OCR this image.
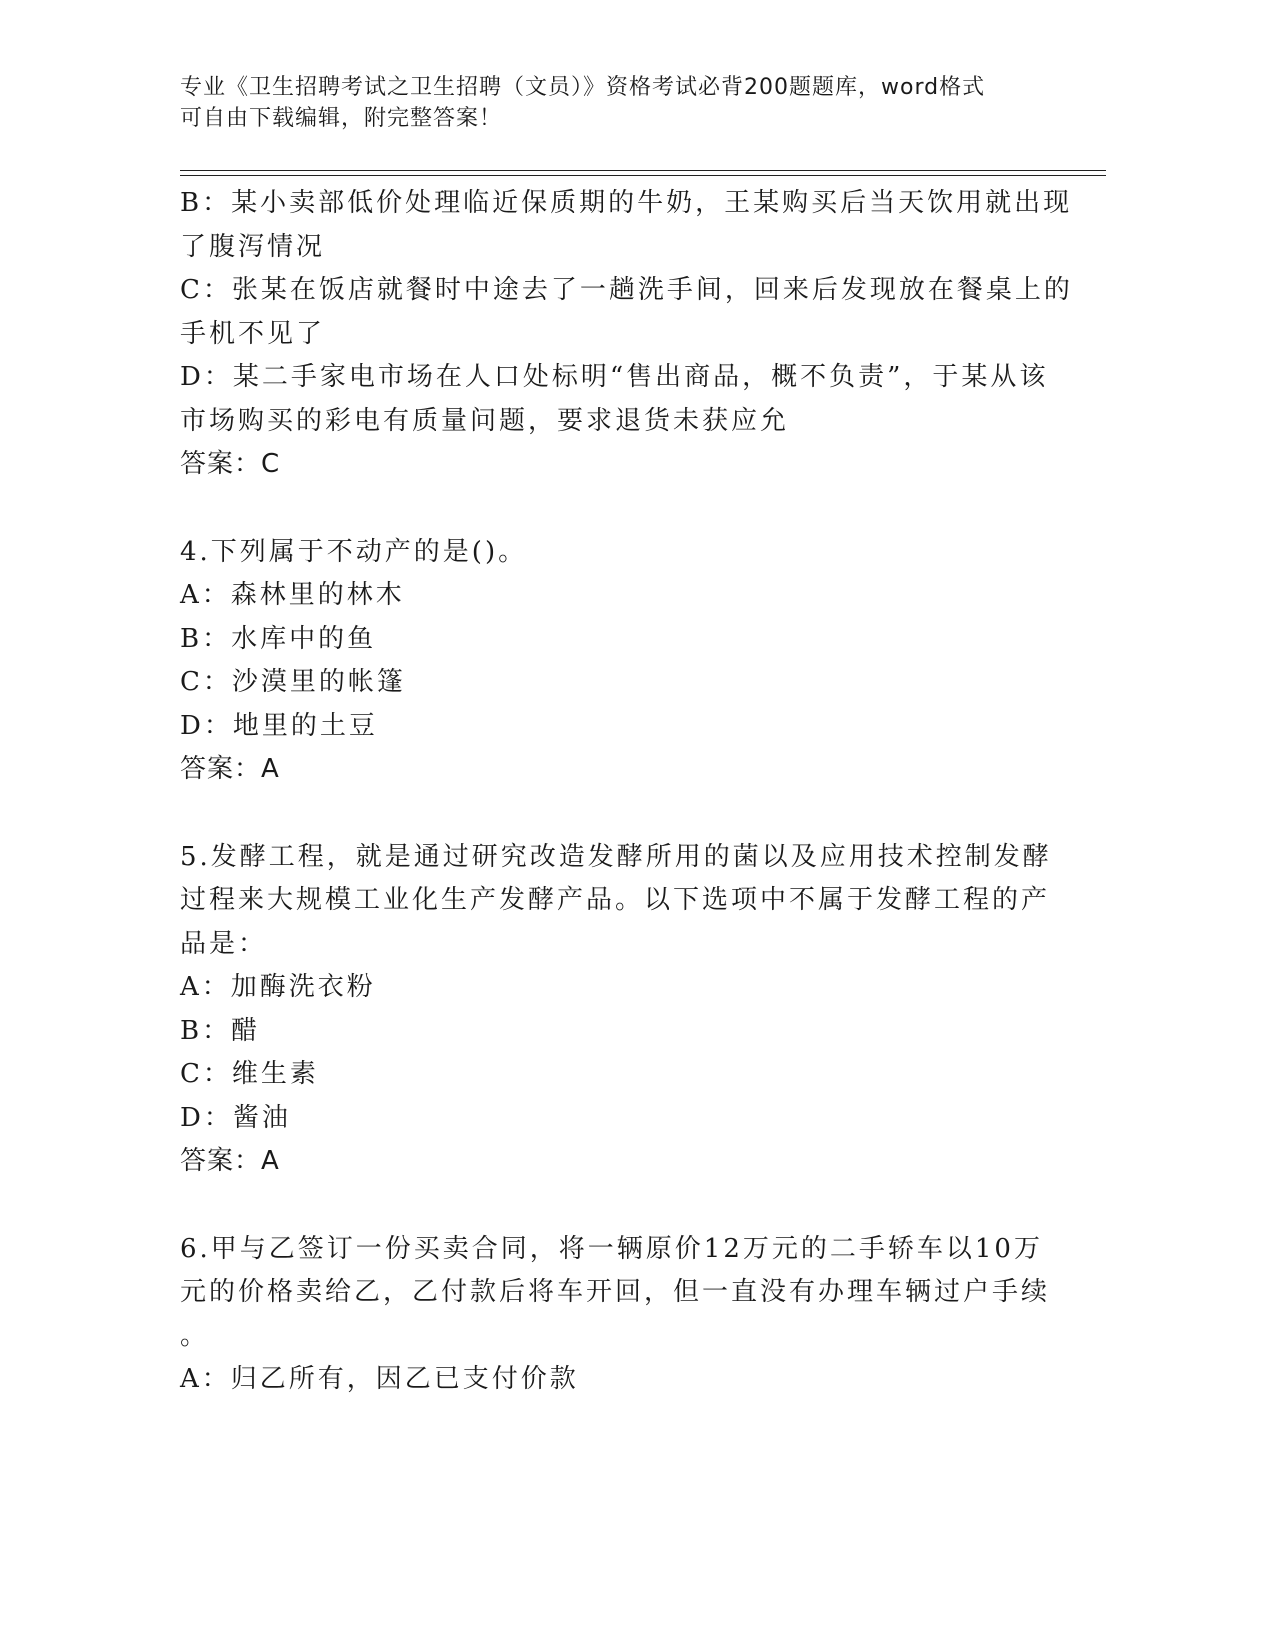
专业《卫生招聘考试之卫生招聘（文员）》资格考试必背200题题库，word格式
可自由下载编辑，附完整答案！
B：某小卖部低价处理临近保质期的牛奶，王某购买后当天饮用就出现
了腹泻情况
C：张某在饭店就餐时中途去了一趟洗手间，回来后发现放在餐桌上的
手机不见了
D：某二手家电市场在人口处标明“售出商品，概不负责”，于某从该
市场购买的彩电有质量问题，要求退货未获应允
答案：C
4.下列属于不动产的是()。
A：森林里的林木
B：水库中的鱼
C：沙漠里的帐篷
D：地里的土豆
答案：A
5.发酵工程，就是通过研究改造发酵所用的菌以及应用技术控制发酵
过程来大规模工业化生产发酵产品。以下选项中不属于发酵工程的产
品是：
A：加酶洗衣粉
B：醋
C：维生素
D：酱油
答案：A
6.甲与乙签订一份买卖合同，将一辆原价12万元的二手轿车以10万
元的价格卖给乙，乙付款后将车开回，但一直没有办理车辆过户手续
。
A：归乙所有，因乙已支付价款
